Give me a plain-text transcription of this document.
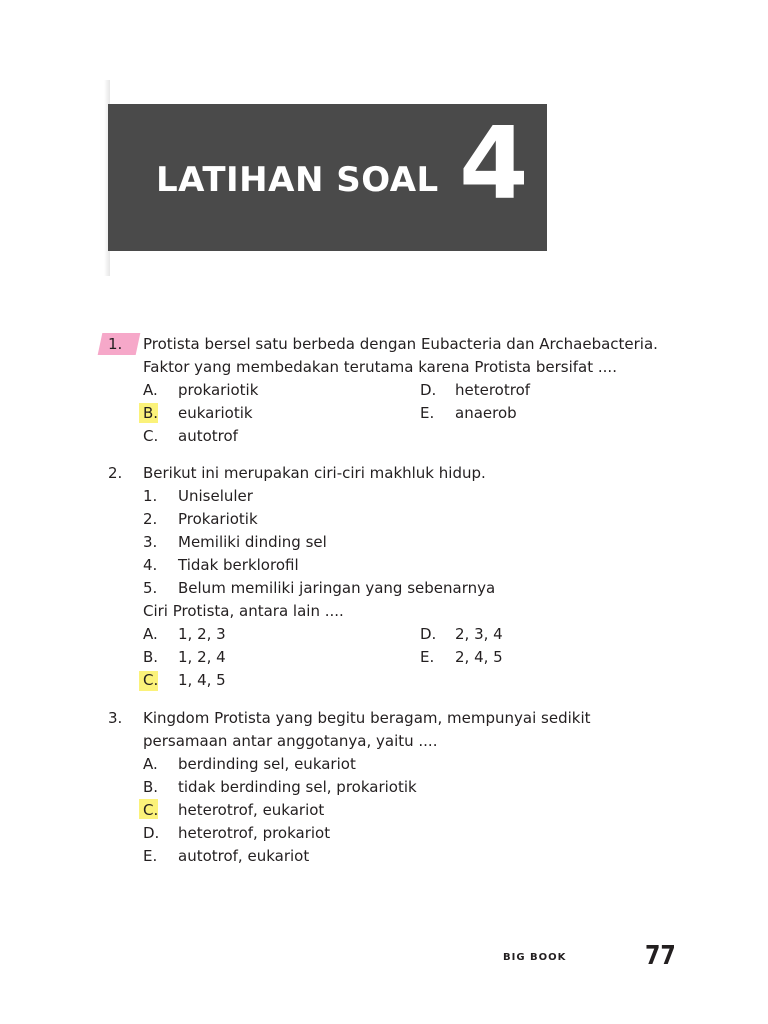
LATIHAN SOAL 4
1. Protista bersel satu berbeda dengan Eubacteria dan Archaebacteria.
Faktor yang membedakan terutama karena Protista bersifat ....
A. prokariotik
B. eukariotik
C. autotrof
D. heterotrof
E. anaerob
2. Berikut ini merupakan ciri-ciri makhluk hidup.
1. Uniseluler
2. Prokariotik
3. Memiliki dinding sel
4. Tidak berklorofil
5. Belum memiliki jaringan yang sebenarnya
Ciri Protista, antara lain ....
A. 1, 2, 3
B. 1, 2, 4
C. 1, 4, 5
D. 2, 3, 4
E. 2, 4, 5
3. Kingdom Protista yang begitu beragam, mempunyai sedikit
persamaan antar anggotanya, yaitu ....
A. berdinding sel, eukariot
B. tidak berdinding sel, prokariotik
C. heterotrof, eukariot
D. heterotrof, prokariot
E. autotrof, eukariot
BIG BOOK	77
